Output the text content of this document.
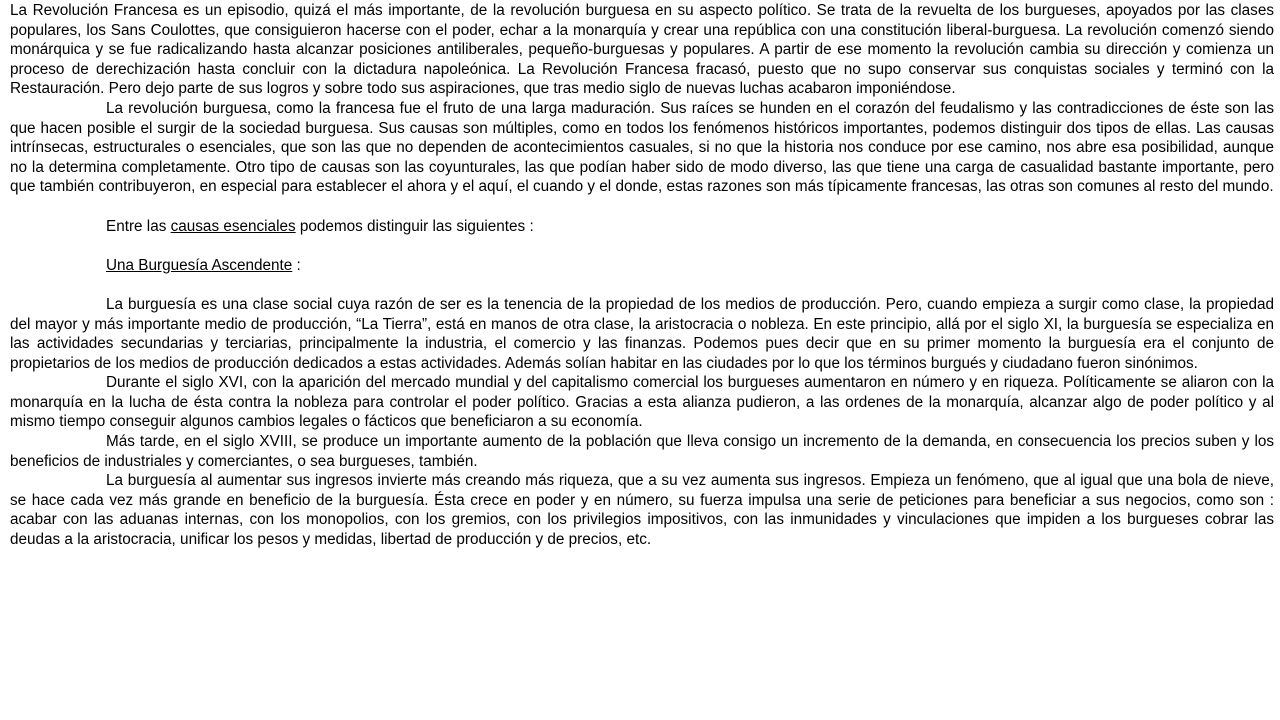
La Revolución Francesa es un episodio, quizá el más importante, de la revolución burguesa en su aspecto político. Se trata de la revuelta de los burgueses, apoyados por las clases populares, los Sans Coulottes, que consiguieron hacerse con el poder, echar a la monarquía y crear una república con una constitución liberal-burguesa. La revolución comenzó siendo monárquica y se fue radicalizando hasta alcanzar posiciones antiliberales, pequeño-burguesas y populares. A partir de ese momento la revolución cambia su dirección y comienza un proceso de derechización hasta concluir con la dictadura napoleónica. La Revolución Francesa fracasó, puesto que no supo conservar sus conquistas sociales y terminó con la Restauración. Pero dejo parte de sus logros y sobre todo sus aspiraciones, que tras medio siglo de nuevas luchas acabaron imponiéndose.

La revolución burguesa, como la francesa fue el fruto de una larga maduración. Sus raíces se hunden en el corazón del feudalismo y las contradicciones de éste son las que hacen posible el surgir de la sociedad burguesa. Sus causas son múltiples, como en todos los fenómenos históricos importantes, podemos distinguir dos tipos de ellas. Las causas intrínsecas, estructurales o esenciales, que son las que no dependen de acontecimientos casuales, si no que la historia nos conduce por ese camino, nos abre esa posibilidad, aunque no la determina completamente. Otro tipo de causas son las coyunturales, las que podían haber sido de modo diverso, las que tiene una carga de casualidad bastante importante, pero que también contribuyeron, en especial para establecer el ahora y el aquí, el cuando y el donde, estas razones son más típicamente francesas, las otras son comunes al resto del mundo.

Entre las causas esenciales podemos distinguir las siguientes :

Una Burguesía Ascendente :

La burguesía es una clase social cuya razón de ser es la tenencia de la propiedad de los medios de producción. Pero, cuando empieza a surgir como clase, la propiedad del mayor y más importante medio de producción, “La Tierra”, está en manos de otra clase, la aristocracia o nobleza. En este principio, allá por el siglo XI, la burguesía se especializa en las actividades secundarias y terciarias, principalmente la industria, el comercio y las finanzas. Podemos pues decir que en su primer momento la burguesía era el conjunto de propietarios de los medios de producción dedicados a estas actividades. Además solían habitar en las ciudades por lo que los términos burgués y ciudadano fueron sinónimos.

Durante el siglo XVI, con la aparición del mercado mundial y del capitalismo comercial los burgueses aumentaron en número y en riqueza. Políticamente se aliaron con la monarquía en la lucha de ésta contra la nobleza para controlar el poder político. Gracias a esta alianza pudieron, a las ordenes de la monarquía, alcanzar algo de poder político y al mismo tiempo conseguir algunos cambios legales o fácticos que beneficiaron a su economía.

Más tarde, en el siglo XVIII, se produce un importante aumento de la población que lleva consigo un incremento de la demanda, en consecuencia los precios suben y los beneficios de industriales y comerciantes, o sea burgueses, también.

La burguesía al aumentar sus ingresos invierte más creando más riqueza, que a su vez aumenta sus ingresos. Empieza un fenómeno, que al igual que una bola de nieve, se hace cada vez más grande en beneficio de la burguesía. Ésta crece en poder y en número, su fuerza impulsa una serie de peticiones para beneficiar a sus negocios, como son : acabar con las aduanas internas, con los monopolios, con los gremios, con los privilegios impositivos, con las inmunidades y vinculaciones que impiden a los burgueses cobrar las deudas a la aristocracia, unificar los pesos y medidas, libertad de producción y de precios, etc.
